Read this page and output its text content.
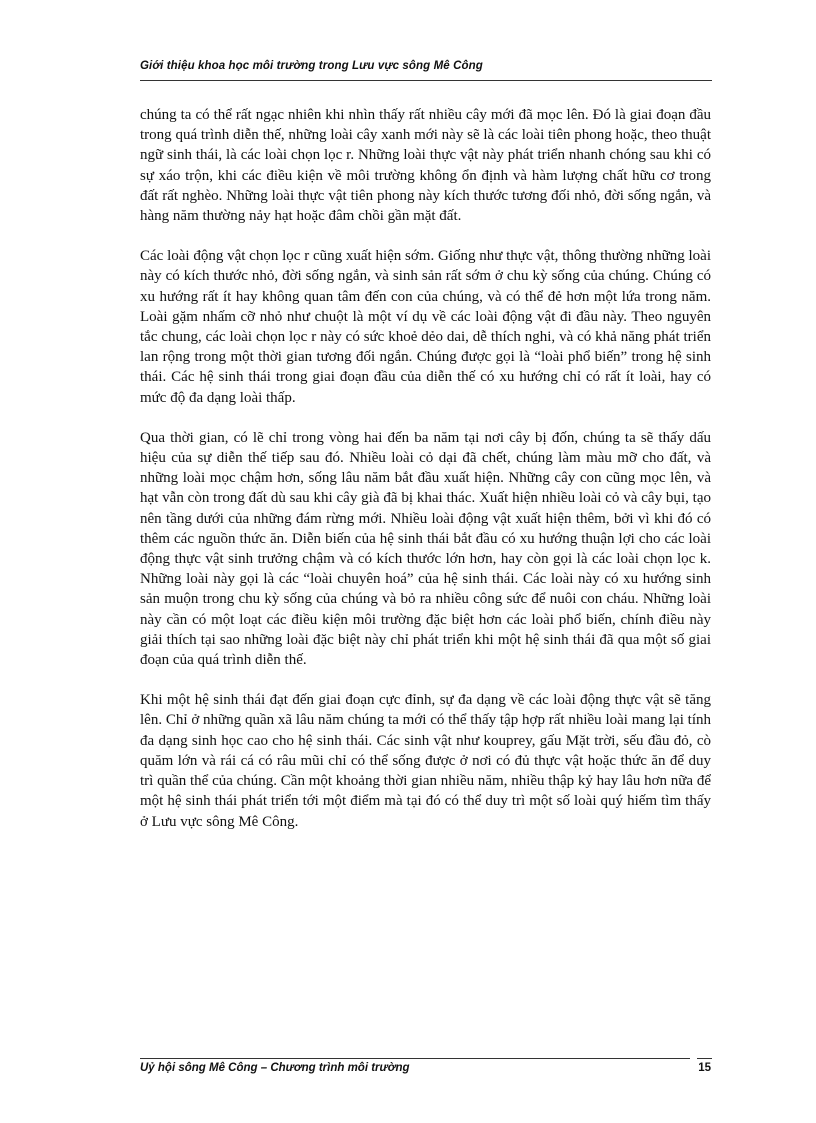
Giới thiệu khoa học môi trường trong Lưu vực sông Mê Công

chúng ta có thể rất ngạc nhiên khi nhìn thấy rất nhiều cây mới đã mọc lên. Đó là giai đoạn đầu trong quá trình diễn thế, những loài cây xanh mới này sẽ là các loài tiên phong hoặc, theo thuật ngữ sinh thái, là các loài chọn lọc r. Những loài thực vật này phát triển nhanh chóng sau khi có sự xáo trộn, khi các điều kiện về môi trường không ổn định và hàm lượng chất hữu cơ trong đất rất nghèo. Những loài thực vật tiên phong này kích thước tương đối nhỏ, đời sống ngắn, và hàng năm thường nảy hạt hoặc đâm chồi gần mặt đất.

Các loài động vật chọn lọc r cũng xuất hiện sớm. Giống như thực vật, thông thường những loài này có kích thước nhỏ, đời sống ngắn, và sinh sản rất sớm ở chu kỳ sống của chúng. Chúng có xu hướng rất ít hay không quan tâm đến con của chúng, và có thể đẻ hơn một lứa trong năm. Loài gặm nhấm cỡ nhỏ như chuột là một ví dụ về các loài động vật đi đầu này. Theo nguyên tắc chung, các loài chọn lọc r này có sức khoẻ dẻo dai, dễ thích nghi, và có khả năng phát triển lan rộng trong một thời gian tương đối ngắn. Chúng được gọi là “loài phổ biến” trong hệ sinh thái. Các hệ sinh thái trong giai đoạn đầu của diễn thế có xu hướng chỉ có rất ít loài, hay có mức độ đa dạng loài thấp.

Qua thời gian, có lẽ chỉ trong vòng hai đến ba năm tại nơi cây bị đốn, chúng ta sẽ thấy dấu hiệu của sự diễn thế tiếp sau đó. Nhiều loài cỏ dại đã chết, chúng làm màu mỡ cho đất, và những loài mọc chậm hơn, sống lâu năm bắt đầu xuất hiện. Những cây con cũng mọc lên, và hạt vẫn còn trong đất dù sau khi cây già đã bị khai thác. Xuất hiện nhiều loài cỏ và cây bụi, tạo nên tầng dưới của những đám rừng mới. Nhiều loài động vật xuất hiện thêm, bởi vì khi đó có thêm các nguồn thức ăn. Diễn biến của hệ sinh thái bắt đầu có xu hướng thuận lợi cho các loài động thực vật sinh trưởng chậm và có kích thước lớn hơn, hay còn gọi là các loài chọn lọc k. Những loài này gọi là các “loài chuyên hoá” của hệ sinh thái. Các loài này có xu hướng sinh sản muộn trong chu kỳ sống của chúng và bỏ ra nhiều công sức để nuôi con cháu. Những loài này cần có một loạt các điều kiện môi trường đặc biệt hơn các loài phổ biến, chính điều này giải thích tại sao những loài đặc biệt này chỉ phát triển khi một hệ sinh thái đã qua một số giai đoạn của quá trình diễn thế.

Khi một hệ sinh thái đạt đến giai đoạn cực đỉnh, sự đa dạng về các loài động thực vật sẽ tăng lên. Chỉ ở những quần xã lâu năm chúng ta mới có thể thấy tập hợp rất nhiều loài mang lại tính đa dạng sinh học cao cho hệ sinh thái. Các sinh vật như kouprey, gấu Mặt trời, sếu đầu đỏ, cò quăm lớn và rái cá có râu mũi chỉ có thể sống được ở nơi có đủ thực vật hoặc thức ăn để duy trì quần thể của chúng. Cần một khoảng thời gian nhiều năm, nhiều thập kỷ hay lâu hơn nữa để một hệ sinh thái phát triển tới một điểm mà tại đó có thể duy trì một số loài quý hiếm tìm thấy ở Lưu vực sông Mê Công.

Uỷ hội sông Mê Công – Chương trình môi trường	15
